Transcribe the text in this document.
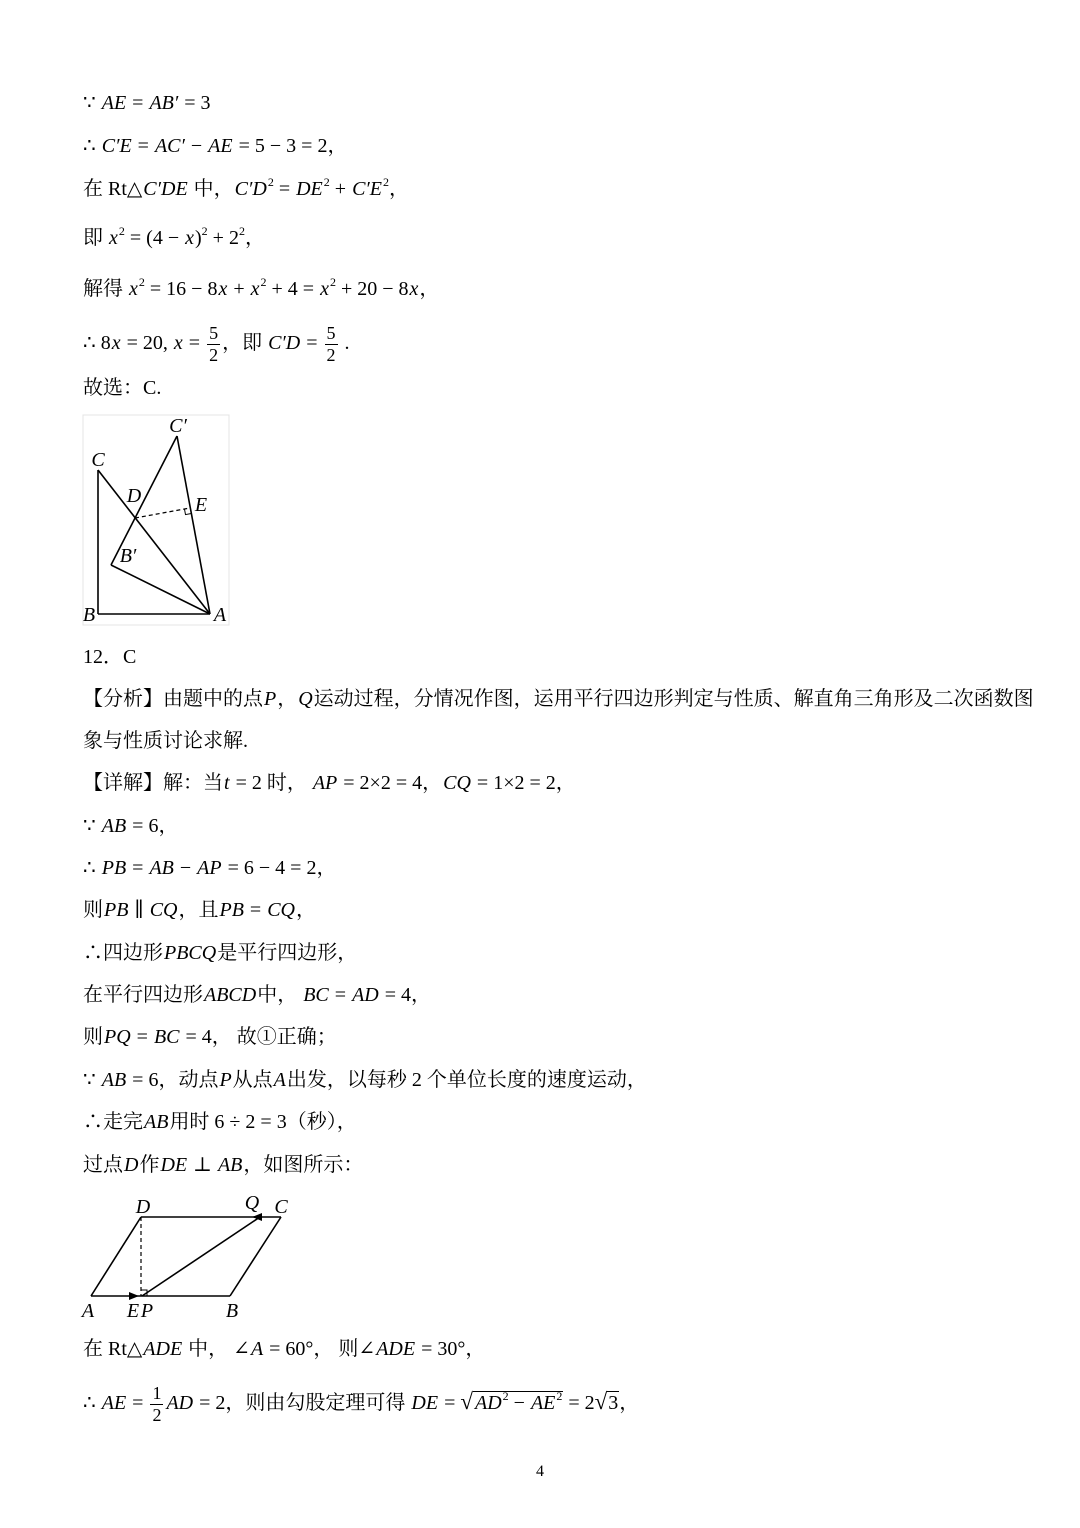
∵ AE = AB′ = 3
∴ C′E = AC′ − AE = 5 − 3 = 2，
在 Rt△C′DE 中，$C'D^2 = DE^2 + C'E^2$，
即 $x^2 = (4 - x)^2 + 2^2$，
解得 $x^2 = 16 - 8x + x^2 + 4 = x^2 + 20 - 8x$，
∴ 8x = 20, $x = \frac{5}{2}$ ，即 $C'D = \frac{5}{2}$ .
故选：C.
C′
C
D	E
B′
B	A
12．C
【分析】由题中的点P，Q运动过程，分情况作图，运用平行四边形判定与性质、解直角三角形及二次函数图
象与性质讨论求解.
【详解】解：当t = 2 时， AP = 2×2 = 4，CQ = 1×2 = 2，
∵ AB = 6，
∴ PB = AB − AP = 6 − 4 = 2，
则PB ∥ CQ，且PB = CQ，
∴四边形PBCQ是平行四边形，
在平行四边形ABCD中， BC = AD = 4，
则PQ = BC = 4， 故①正确；
∵ AB = 6，动点P从点A出发，以每秒 2 个单位长度的速度运动，
∴走完AB用时 6 ÷ 2 = 3（秒），
过点D作DE ⊥ AB，如图所示：
D	Q C
A E P	B
在 Rt△ADE 中， ∠A = 60°， 则∠ADE = 30°，
∴ AE = $\frac{1}{2}$ AD = 2，则由勾股定理可得 DE = √ $AD^2 - AE^2 = 2√3$，
4
